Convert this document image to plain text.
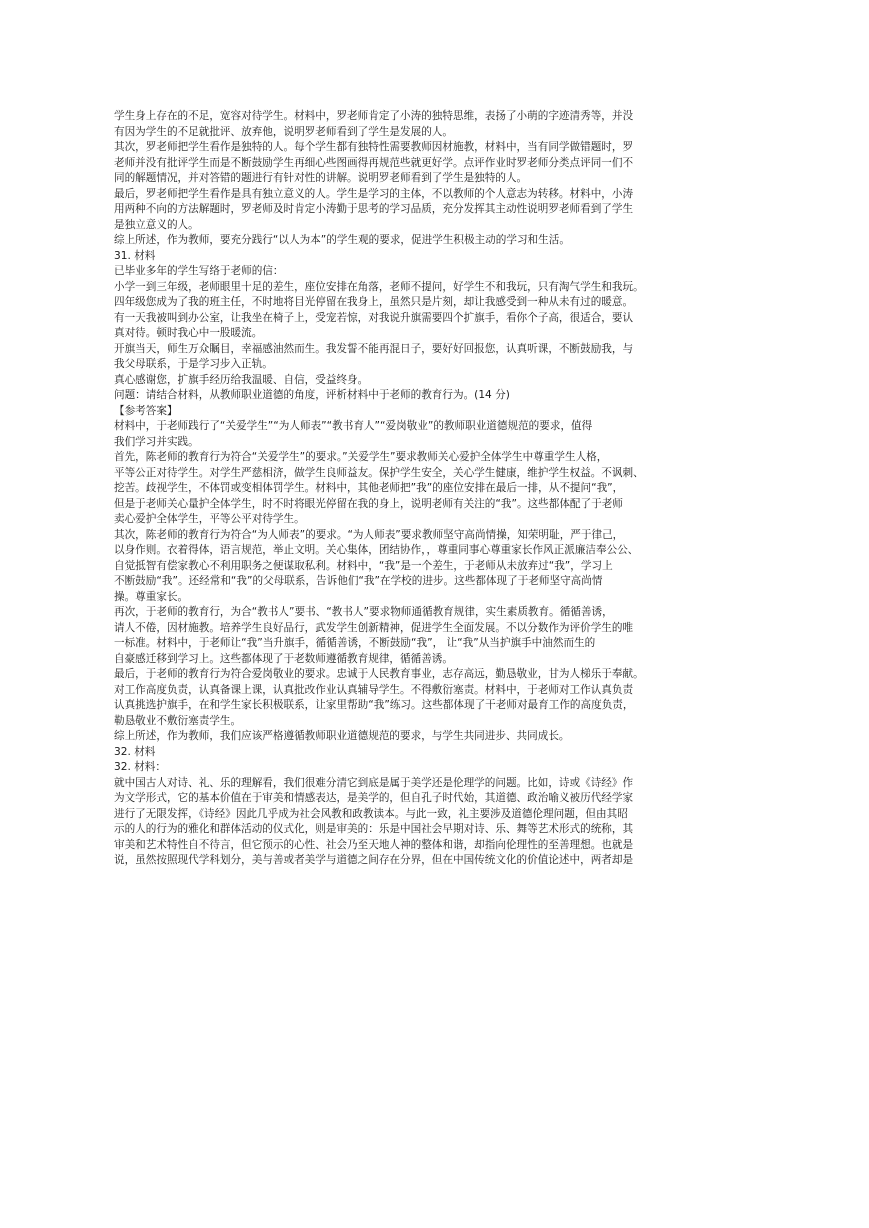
学生身上存在的不足，宽容对待学生。材料中，罗老师肯定了小涛的独特思维，表扬了小萌的字迹清秀等，并没
有因为学生的不足就批评、放弃他，说明罗老师看到了学生是发展的人。
其次，罗老师把学生看作是独特的人。每个学生都有独特性需要教师因材施教，材料中，当有同学做错题时，罗
老师并没有批评学生而是不断鼓励学生再细心些图画得再规范些就更好学。点评作业时罗老师分类点评同一们不
同的解题情况，并对答错的题进行有针对性的讲解。说明罗老师看到了学生是独特的人。
最后，罗老师把学生看作是具有独立意义的人。学生是学习的主体，不以教师的个人意志为转移。材料中，小涛
用两种不向的方法解题时，罗老师及时肯定小涛勤于思考的学习品质，充分发挥其主动性说明罗老师看到了学生
是独立意义的人。
综上所述，作为教师，要充分践行“以人为本”的学生观的要求，促进学生积极主动的学习和生活。
31. 材料
已毕业多年的学生写络于老师的信：
小学一到三年级，老师眼里十足的差生，座位安排在角落，老师不提问，好学生不和我玩，只有淘气学生和我玩。
四年级您成为了我的班主任，不时地将目光停留在我身上，虽然只是片刻，却让我感受到一种从未有过的暖意。
有一天我被叫到办公室，让我坐在椅子上，受宠若惊，对我说升旗需要四个扩旗手，看你个子高，很适合，要认
真对待。顿时我心中一股暖流。
开旗当天，师生万众瞩目，幸福感油然而生。我发誓不能再混日子，要好好回报您，认真听课，不断鼓励我，与
我父母联系，于是学习步入正轨。
真心感谢您，扩旗手经历给我温暖、自信，受益终身。
问题：请结合材料，从教师职业道德的角度，评析材料中于老师的教育行为。(14 分)
【参考答案】
材料中，于老师践行了“关爱学生”“为人师表”“教书育人”“爱岗敬业”的教师职业道德规范的要求，值得
我们学习并实践。
首先，陈老师的教育行为符合“关爱学生”的要求。”关爱学生”要求教师关心爱护全体学生中尊重学生人格，
平等公正对待学生。对学生严慈相济，做学生良师益友。保护学生安全，关心学生健康，维护学生权益。不讽刺、
挖苦。歧视学生，不体罚或变相体罚学生。材料中，其他老师把”我”的座位安排在最后一排，从不提问“我”，
但是于老师关心量护全体学生，时不时将眼光停留在我的身上，说明老师有关注的“我”。这些都体配了于老师
卖心爱护全体学生，平等公平对待学生。
其次，陈老师的教育行为符合“为人师表”的要求。“为人师表”要求教师坚守高尚情操，知荣明耻，严于律己，
以身作则。衣着得体，语言规范，举止文明。关心集体，团结协作，，尊重同事心尊重家长作风正派廉洁奉公公、
自觉抵智有偿家教心不利用职务之便谋取私利。材料中，“我”是一个差生，于老师从未放弃过“我”，学习上
不断鼓励“我”。还经常和“我”的父母联系，告诉他们“我”在学校的进步。这些都体现了于老师坚守高尚情
操。尊重家长。
再次，于老师的教育行，为合“教书人”要书、“教书人”要求物师通循教育规律，实生素质教育。循循善诱，
请人不倦，因材施教。培养学生良好品行，武发学生创新精神，促进学生全面发展。不以分数作为评价学生的唯
一标准。材料中，于老师让“我”当升旗手，循循善诱，不断鼓励“我”， 让“我”从当护旗手中油然而生的
自豪感迁移到学习上。这些都体现了于老数师遵循教育规律，循循善诱。
最后，于老师的教育行为符合爱岗敬业的要求。忠诚于人民教育事业，志存高远，勤恳敬业，甘为人梯乐于奉献。
对工作高度负责，认真备课上课，认真批改作业认真辅导学生。不得敷衍塞责。材料中，于老师对工作认真负责
认真挑选护旗手，在和学生家长积极联系，让家里帮助“我”练习。这些都体现了干老师对最育工作的高度负责，
勒恳敬业不敷衍塞责学生。
综上所述，作为教师，我们应该严格遵循教师职业道德规范的要求，与学生共同进步、共同成长。
32. 材料
32. 材料：
就中国古人对诗、礼、乐的理解看，我们很难分清它到底是属于美学还是伦理学的问题。比如，诗或《诗经》作
为文学形式，它的基本价值在于审美和情感表达，是美学的，但自孔子时代始，其道德、政治喻义被历代经学家
进行了无限发挥，《诗经》因此几乎成为社会风教和政教读本。与此一致，礼主要涉及道德伦理问题，但由其昭
示的人的行为的雅化和群体活动的仪式化，则是审美的：乐是中国社会早期对诗、乐、舞等艺术形式的统称，其
审美和艺术特性自不待言，但它预示的心性、社会乃至天地人神的整体和谐，却指向伦理性的至善理想。也就是
说，虽然按照现代学科划分，美与善或者美学与道德之间存在分界，但在中国传统文化的价值论述中，两者却是
